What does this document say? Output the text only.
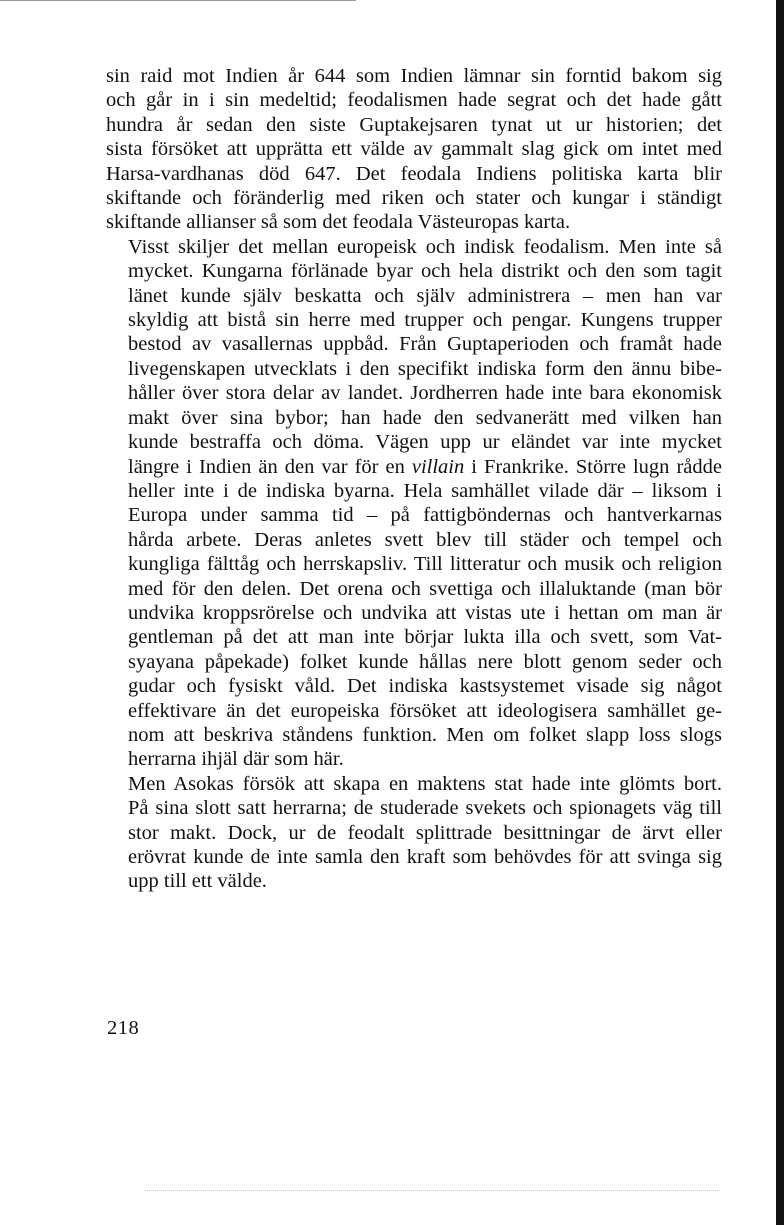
sin raid mot Indien år 644 som Indien lämnar sin forntid bakom sig
och går in i sin medeltid; feodalismen hade segrat och det hade gått
hundra år sedan den siste Guptakejsaren tynat ut ur historien; det
sista försöket att upprätta ett välde av gammalt slag gick om intet med
Harsa-vardhanas död 647. Det feodala Indiens politiska karta blir
skiftande och föränderlig med riken och stater och kungar i ständigt
skiftande allianser så som det feodala Västeuropas karta.

Visst skiljer det mellan europeisk och indisk feodalism. Men inte så
mycket. Kungarna förlänade byar och hela distrikt och den som tagit
länet kunde själv beskatta och själv administrera – men han var
skyldig att bistå sin herre med trupper och pengar. Kungens trupper
bestod av vasallernas uppbåd. Från Guptaperioden och framåt hade
livegenskapen utvecklats i den specifikt indiska form den ännu bibe-
håller över stora delar av landet. Jordherren hade inte bara ekonomisk
makt över sina bybor; han hade den sedvanerätt med vilken han
kunde bestraffa och döma. Vägen upp ur eländet var inte mycket
längre i Indien än den var för en villain i Frankrike. Större lugn rådde
heller inte i de indiska byarna. Hela samhället vilade där – liksom i
Europa under samma tid – på fattigböndernas och hantverkarnas
hårda arbete. Deras anletes svett blev till städer och tempel och
kungliga fälttåg och herrskapsliv. Till litteratur och musik och religion
med för den delen. Det orena och svettiga och illaluktande (man bör
undvika kroppsrörelse och undvika att vistas ute i hettan om man är
gentleman på det att man inte börjar lukta illa och svett, som Vat-
syayana påpekade) folket kunde hållas nere blott genom seder och
gudar och fysiskt våld. Det indiska kastsystemet visade sig något
effektivare än det europeiska försöket att ideologisera samhället ge-
nom att beskriva ståndens funktion. Men om folket slapp loss slogs
herrarna ihjäl där som här.

Men Asokas försök att skapa en maktens stat hade inte glömts bort.
På sina slott satt herrarna; de studerade svekets och spionagets väg till
stor makt. Dock, ur de feodalt splittrade besittningar de ärvt eller
erövrat kunde de inte samla den kraft som behövdes för att svinga sig
upp till ett välde.

218
